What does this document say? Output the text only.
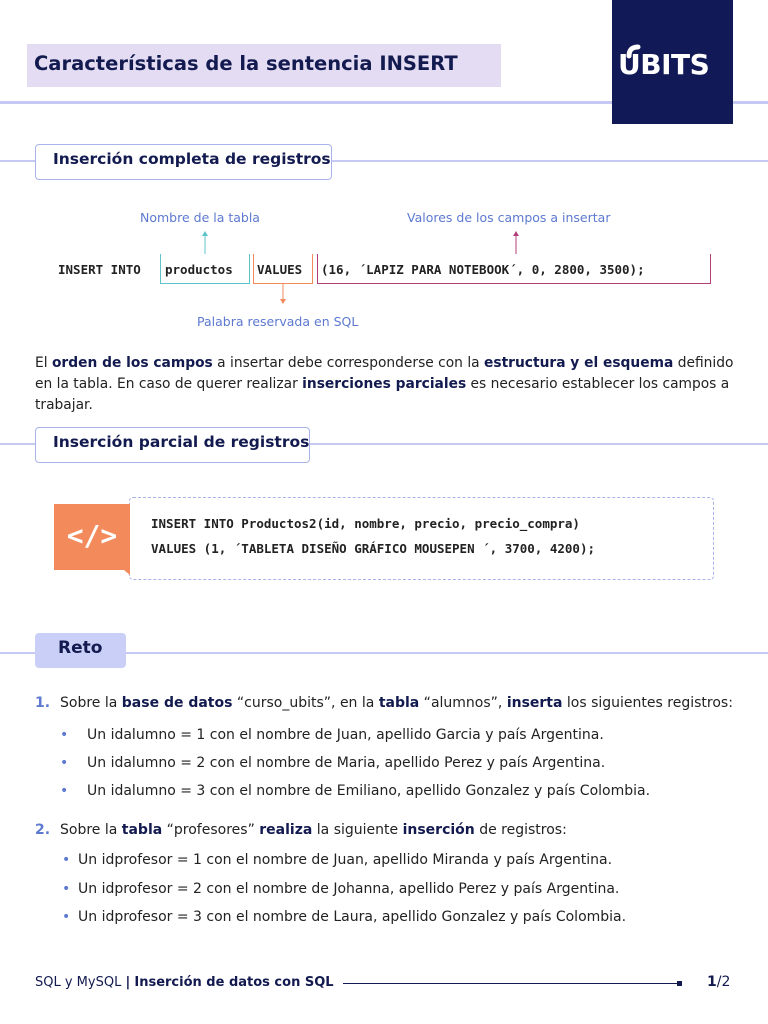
Características de la sentencia INSERT	UBITS
Inserción completa de registros
Nombre de la tabla	Valores de los campos a insertar
Palabra reservada en SQL
INSERT INTO productos VALUES (16, ´LAPIZ PARA NOTEBOOK´, 0, 2800, 3500);
El orden de los campos a insertar debe corresponderse con la estructura y el esquema definido en la tabla. En caso de querer realizar inserciones parciales es necesario establecer los campos a trabajar.
Inserción parcial de registros
</>	INSERT INTO Productos2(id, nombre, precio, precio_compra)
VALUES (1, ´TABLETA DISEÑO GRÁFICO MOUSEPEN ´, 3700, 4200);
Reto
1. Sobre la base de datos “curso_ubits”, en la tabla “alumnos”, inserta los siguientes registros:
• Un idalumno = 1 con el nombre de Juan, apellido Garcia y país Argentina.
• Un idalumno = 2 con el nombre de Maria, apellido Perez y país Argentina.
• Un idalumno = 3 con el nombre de Emiliano, apellido Gonzalez y país Colombia.
2. Sobre la tabla “profesores” realiza la siguiente inserción de registros:
• Un idprofesor = 1 con el nombre de Juan, apellido Miranda y país Argentina.
• Un idprofesor = 2 con el nombre de Johanna, apellido Perez y país Argentina.
• Un idprofesor = 3 con el nombre de Laura, apellido Gonzalez y país Colombia.
SQL y MySQL | Inserción de datos con SQL	1/2
